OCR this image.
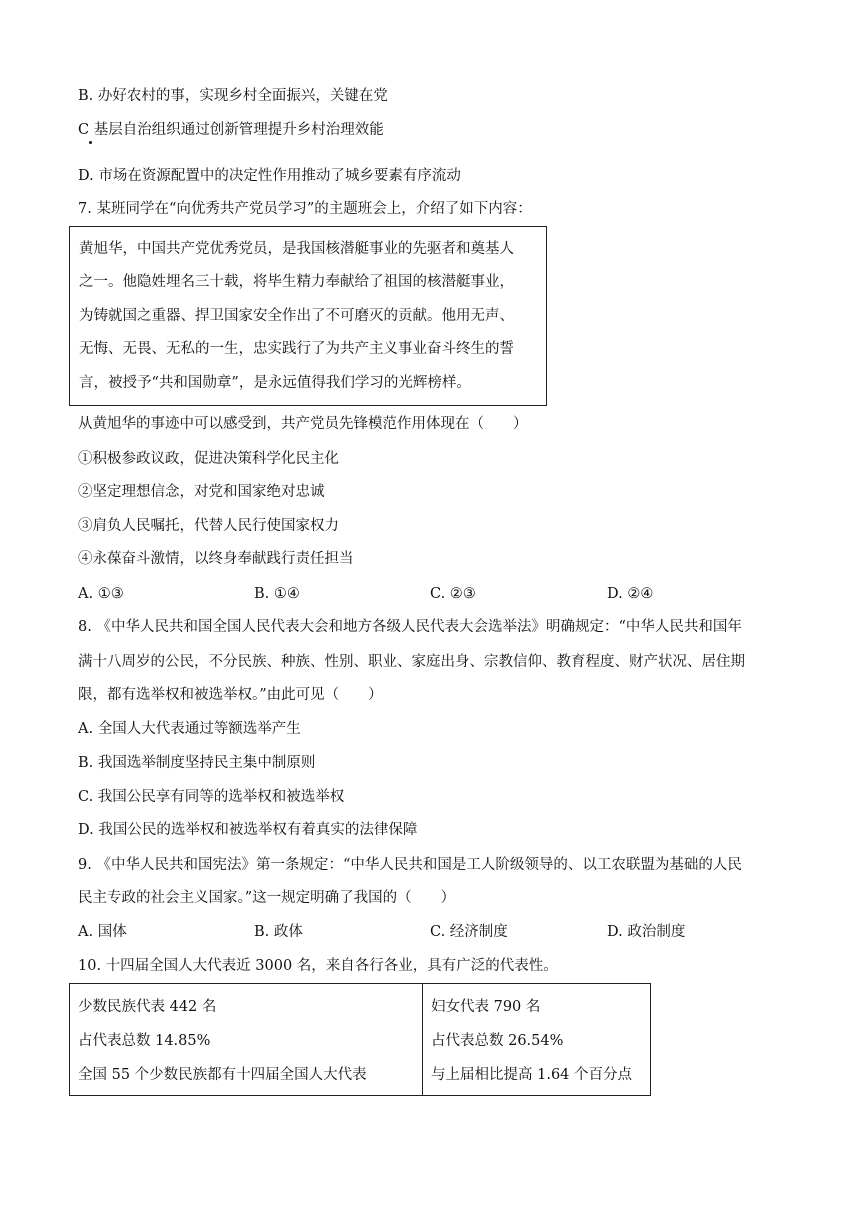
B. 办好农村的事，实现乡村全面振兴，关键在党
C 基层自治组织通过创新管理提升乡村治理效能
D. 市场在资源配置中的决定性作用推动了城乡要素有序流动
7. 某班同学在“向优秀共产党员学习”的主题班会上，介绍了如下内容：
黄旭华，中国共产党优秀党员，是我国核潜艇事业的先驱者和奠基人
之一。他隐姓埋名三十载，将毕生精力奉献给了祖国的核潜艇事业，
为铸就国之重器、捍卫国家安全作出了不可磨灭的贡献。他用无声、
无悔、无畏、无私的一生，忠实践行了为共产主义事业奋斗终生的誓
言，被授予“共和国勋章”，是永远值得我们学习的光辉榜样。
从黄旭华的事迹中可以感受到，共产党员先锋模范作用体现在（　　）
①积极参政议政，促进决策科学化民主化
②坚定理想信念，对党和国家绝对忠诚
③肩负人民嘱托，代替人民行使国家权力
④永葆奋斗激情，以终身奉献践行责任担当
A. ①③	B. ①④	C. ②③	D. ②④
8. 《中华人民共和国全国人民代表大会和地方各级人民代表大会选举法》明确规定：“中华人民共和国年
满十八周岁的公民，不分民族、种族、性别、职业、家庭出身、宗教信仰、教育程度、财产状况、居住期
限，都有选举权和被选举权。”由此可见（　　）
A. 全国人大代表通过等额选举产生
B. 我国选举制度坚持民主集中制原则
C. 我国公民享有同等的选举权和被选举权
D. 我国公民的选举权和被选举权有着真实的法律保障
9. 《中华人民共和国宪法》第一条规定：“中华人民共和国是工人阶级领导的、以工农联盟为基础的人民
民主专政的社会主义国家。”这一规定明确了我国的（　　）
A. 国体	B. 政体	C. 经济制度	D. 政治制度
10. 十四届全国人大代表近 3000 名，来自各行各业，具有广泛的代表性。
少数民族代表 442 名
占代表总数 14.85%
全国 55 个少数民族都有十四届全国人大代表

妇女代表 790 名
占代表总数 26.54%
与上届相比提高 1.64 个百分点
